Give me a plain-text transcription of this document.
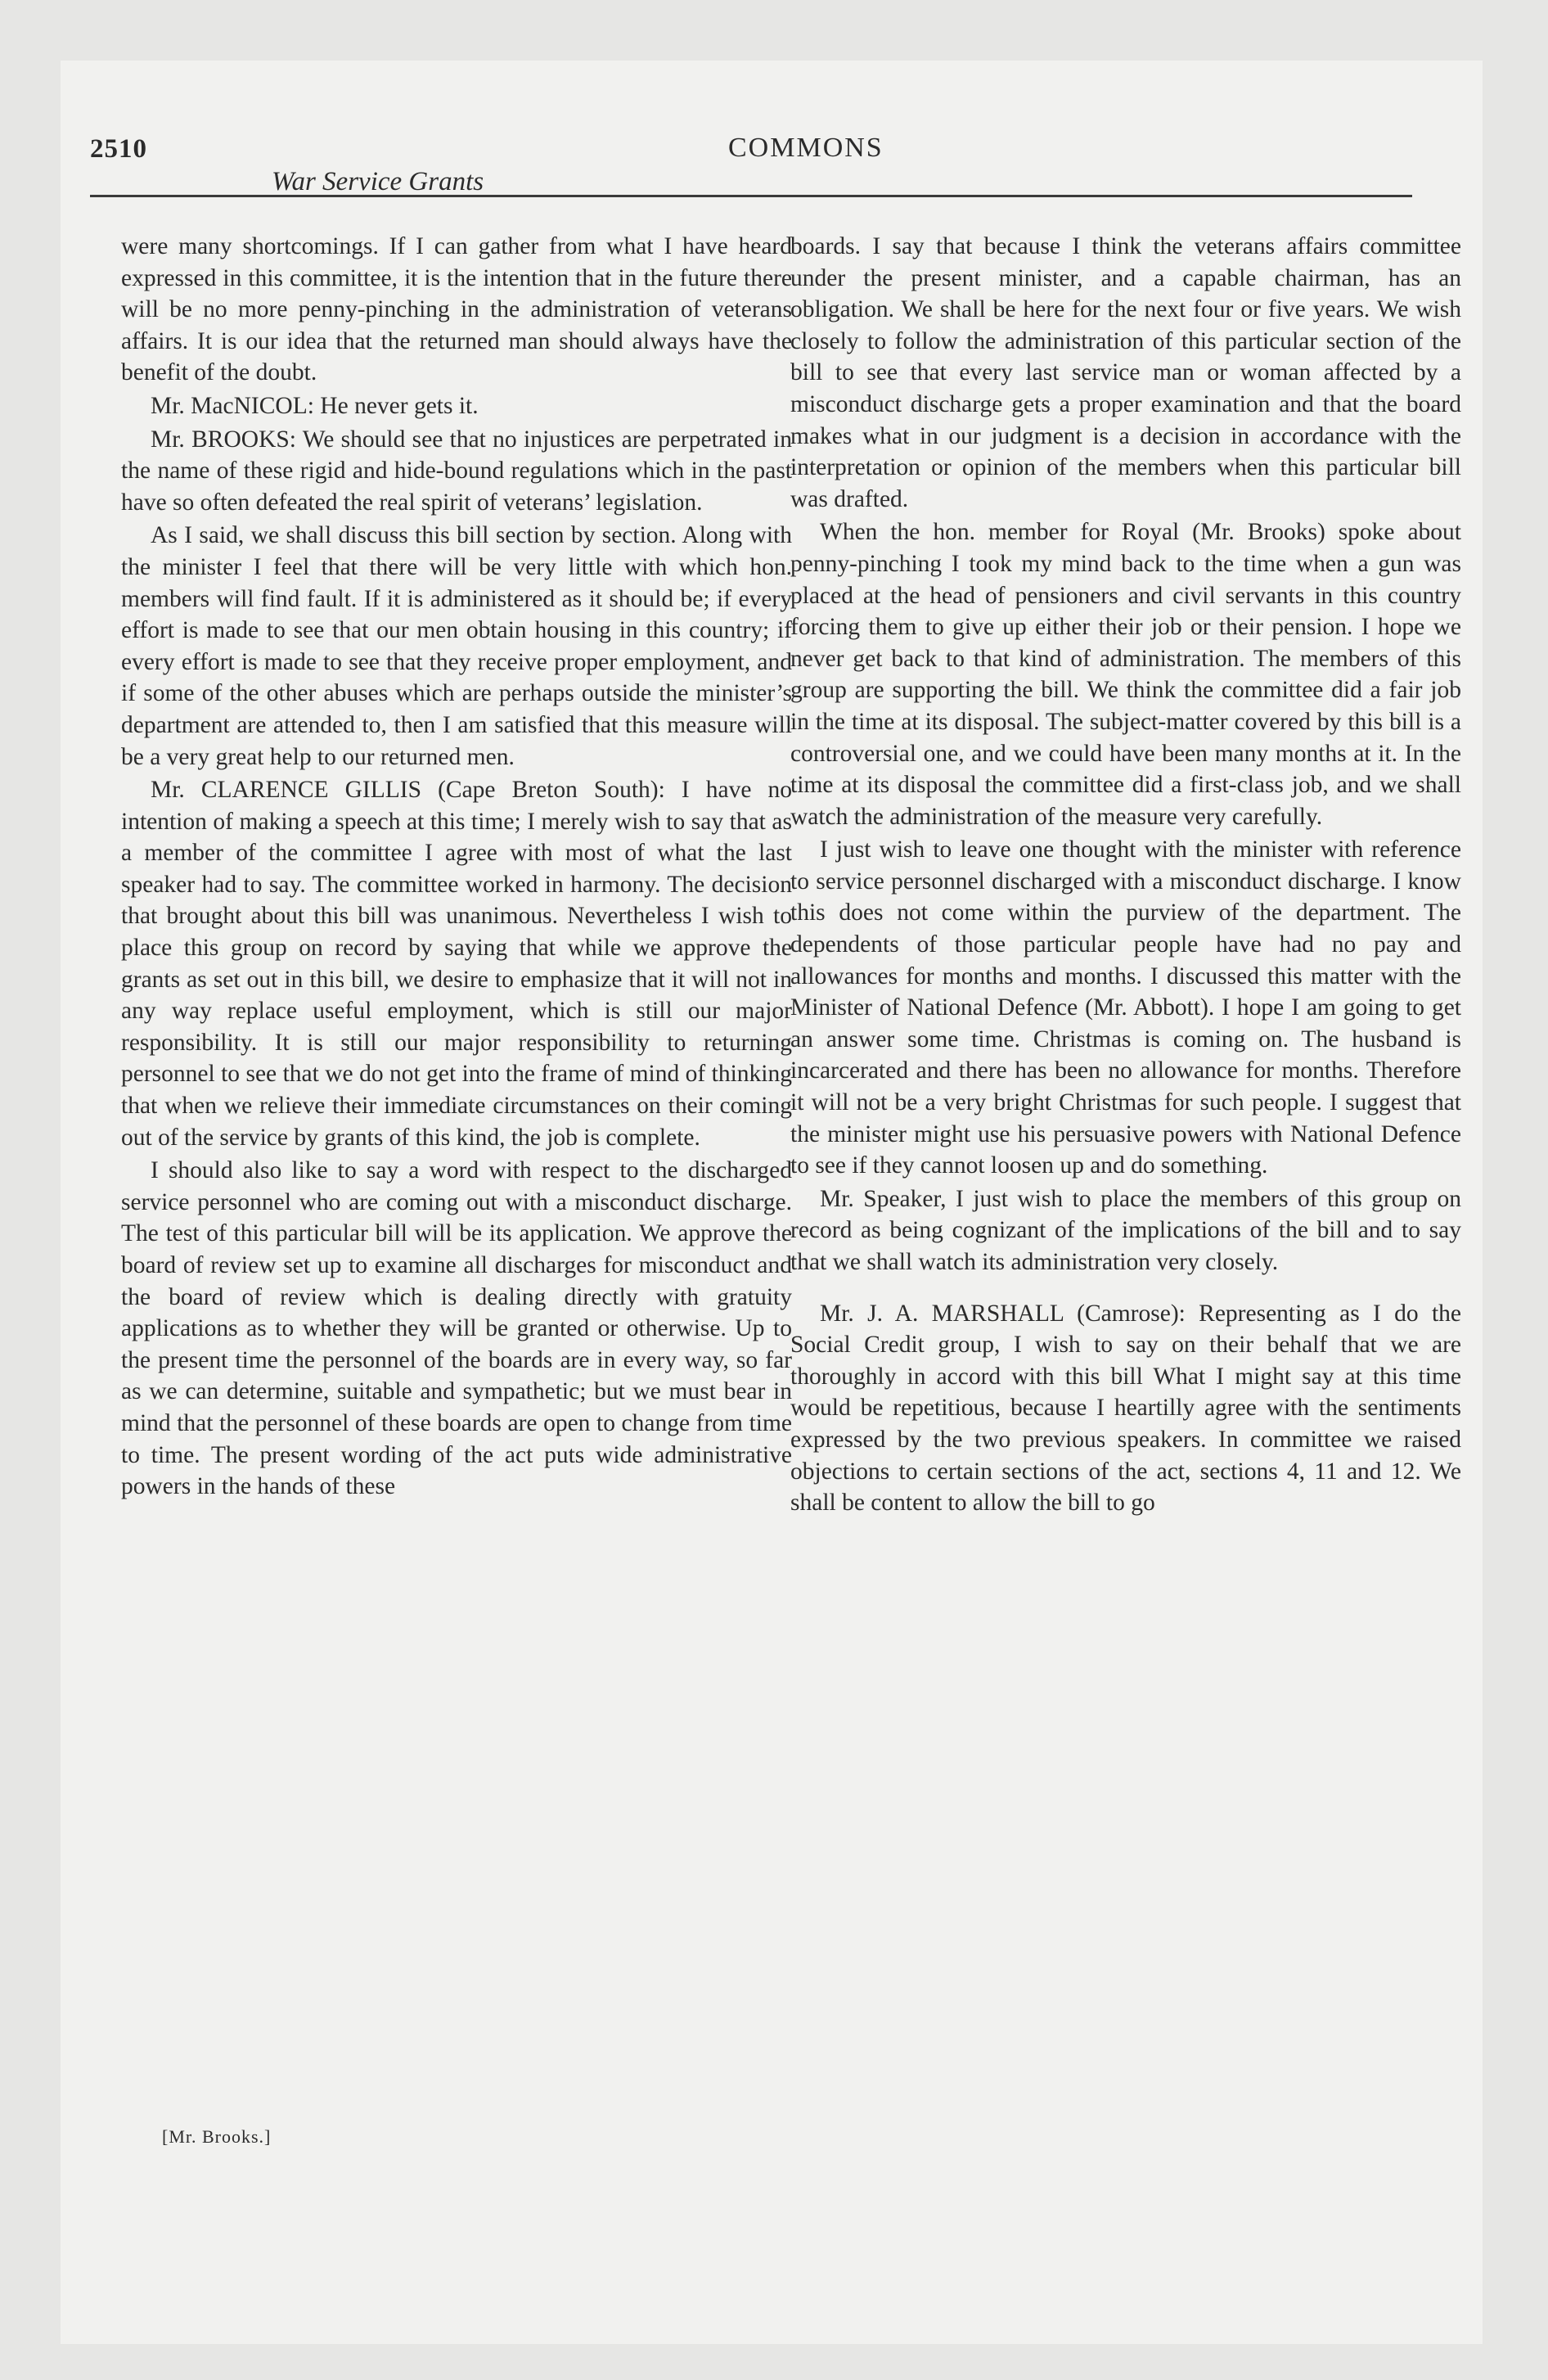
2510	COMMONS
War Service Grants

were many shortcomings. If I can gather from what I have heard expressed in this committee, it is the intention that in the future there will be no more penny-pinching in the administration of veterans affairs. It is our idea that the returned man should always have the benefit of the doubt.

Mr. MacNICOL: He never gets it.

Mr. BROOKS: We should see that no injustices are perpetrated in the name of these rigid and hide-bound regulations which in the past have so often defeated the real spirit of veterans’ legislation.

As I said, we shall discuss this bill section by section. Along with the minister I feel that there will be very little with which hon. members will find fault. If it is administered as it should be; if every effort is made to see that our men obtain housing in this country; if every effort is made to see that they receive proper employment, and if some of the other abuses which are perhaps outside the minister’s department are attended to, then I am satisfied that this measure will be a very great help to our returned men.

Mr. CLARENCE GILLIS (Cape Breton South): I have no intention of making a speech at this time; I merely wish to say that as a member of the committee I agree with most of what the last speaker had to say. The committee worked in harmony. The decision that brought about this bill was unanimous. Nevertheless I wish to place this group on record by saying that while we approve the grants as set out in this bill, we desire to emphasize that it will not in any way replace useful employment, which is still our major responsibility. It is still our major responsibility to returning personnel to see that we do not get into the frame of mind of thinking that when we relieve their immediate circumstances on their coming out of the service by grants of this kind, the job is complete.

I should also like to say a word with respect to the discharged service personnel who are coming out with a misconduct discharge. The test of this particular bill will be its application. We approve the board of review set up to examine all discharges for misconduct and the board of review which is dealing directly with gratuity applications as to whether they will be granted or otherwise. Up to the present time the personnel of the boards are in every way, so far as we can determine, suitable and sympathetic; but we must bear in mind that the personnel of these boards are open to change from time to time. The present wording of the act puts wide administrative powers in the hands of these

[Mr. Brooks.]

boards. I say that because I think the veterans affairs committee under the present minister, and a capable chairman, has an obligation. We shall be here for the next four or five years. We wish closely to follow the administration of this particular section of the bill to see that every last service man or woman affected by a misconduct discharge gets a proper examination and that the board makes what in our judgment is a decision in accordance with the interpretation or opinion of the members when this particular bill was drafted.

When the hon. member for Royal (Mr. Brooks) spoke about penny-pinching I took my mind back to the time when a gun was placed at the head of pensioners and civil servants in this country forcing them to give up either their job or their pension. I hope we never get back to that kind of administration. The members of this group are supporting the bill. We think the committee did a fair job in the time at its disposal. The subject-matter covered by this bill is a controversial one, and we could have been many months at it. In the time at its disposal the committee did a first-class job, and we shall watch the administration of the measure very carefully.

I just wish to leave one thought with the minister with reference to service personnel discharged with a misconduct discharge. I know this does not come within the purview of the department. The dependents of those particular people have had no pay and allowances for months and months. I discussed this matter with the Minister of National Defence (Mr. Abbott). I hope I am going to get an answer some time. Christmas is coming on. The husband is incarcerated and there has been no allowance for months. Therefore it will not be a very bright Christmas for such people. I suggest that the minister might use his persuasive powers with National Defence to see if they cannot loosen up and do something.

Mr. Speaker, I just wish to place the members of this group on record as being cognizant of the implications of the bill and to say that we shall watch its administration very closely.

Mr. J. A. MARSHALL (Camrose): Representing as I do the Social Credit group, I wish to say on their behalf that we are thoroughly in accord with this bill What I might say at this time would be repetitious, because I heartilly agree with the sentiments expressed by the two previous speakers. In committee we raised objections to certain sections of the act, sections 4, 11 and 12. We shall be content to allow the bill to go
